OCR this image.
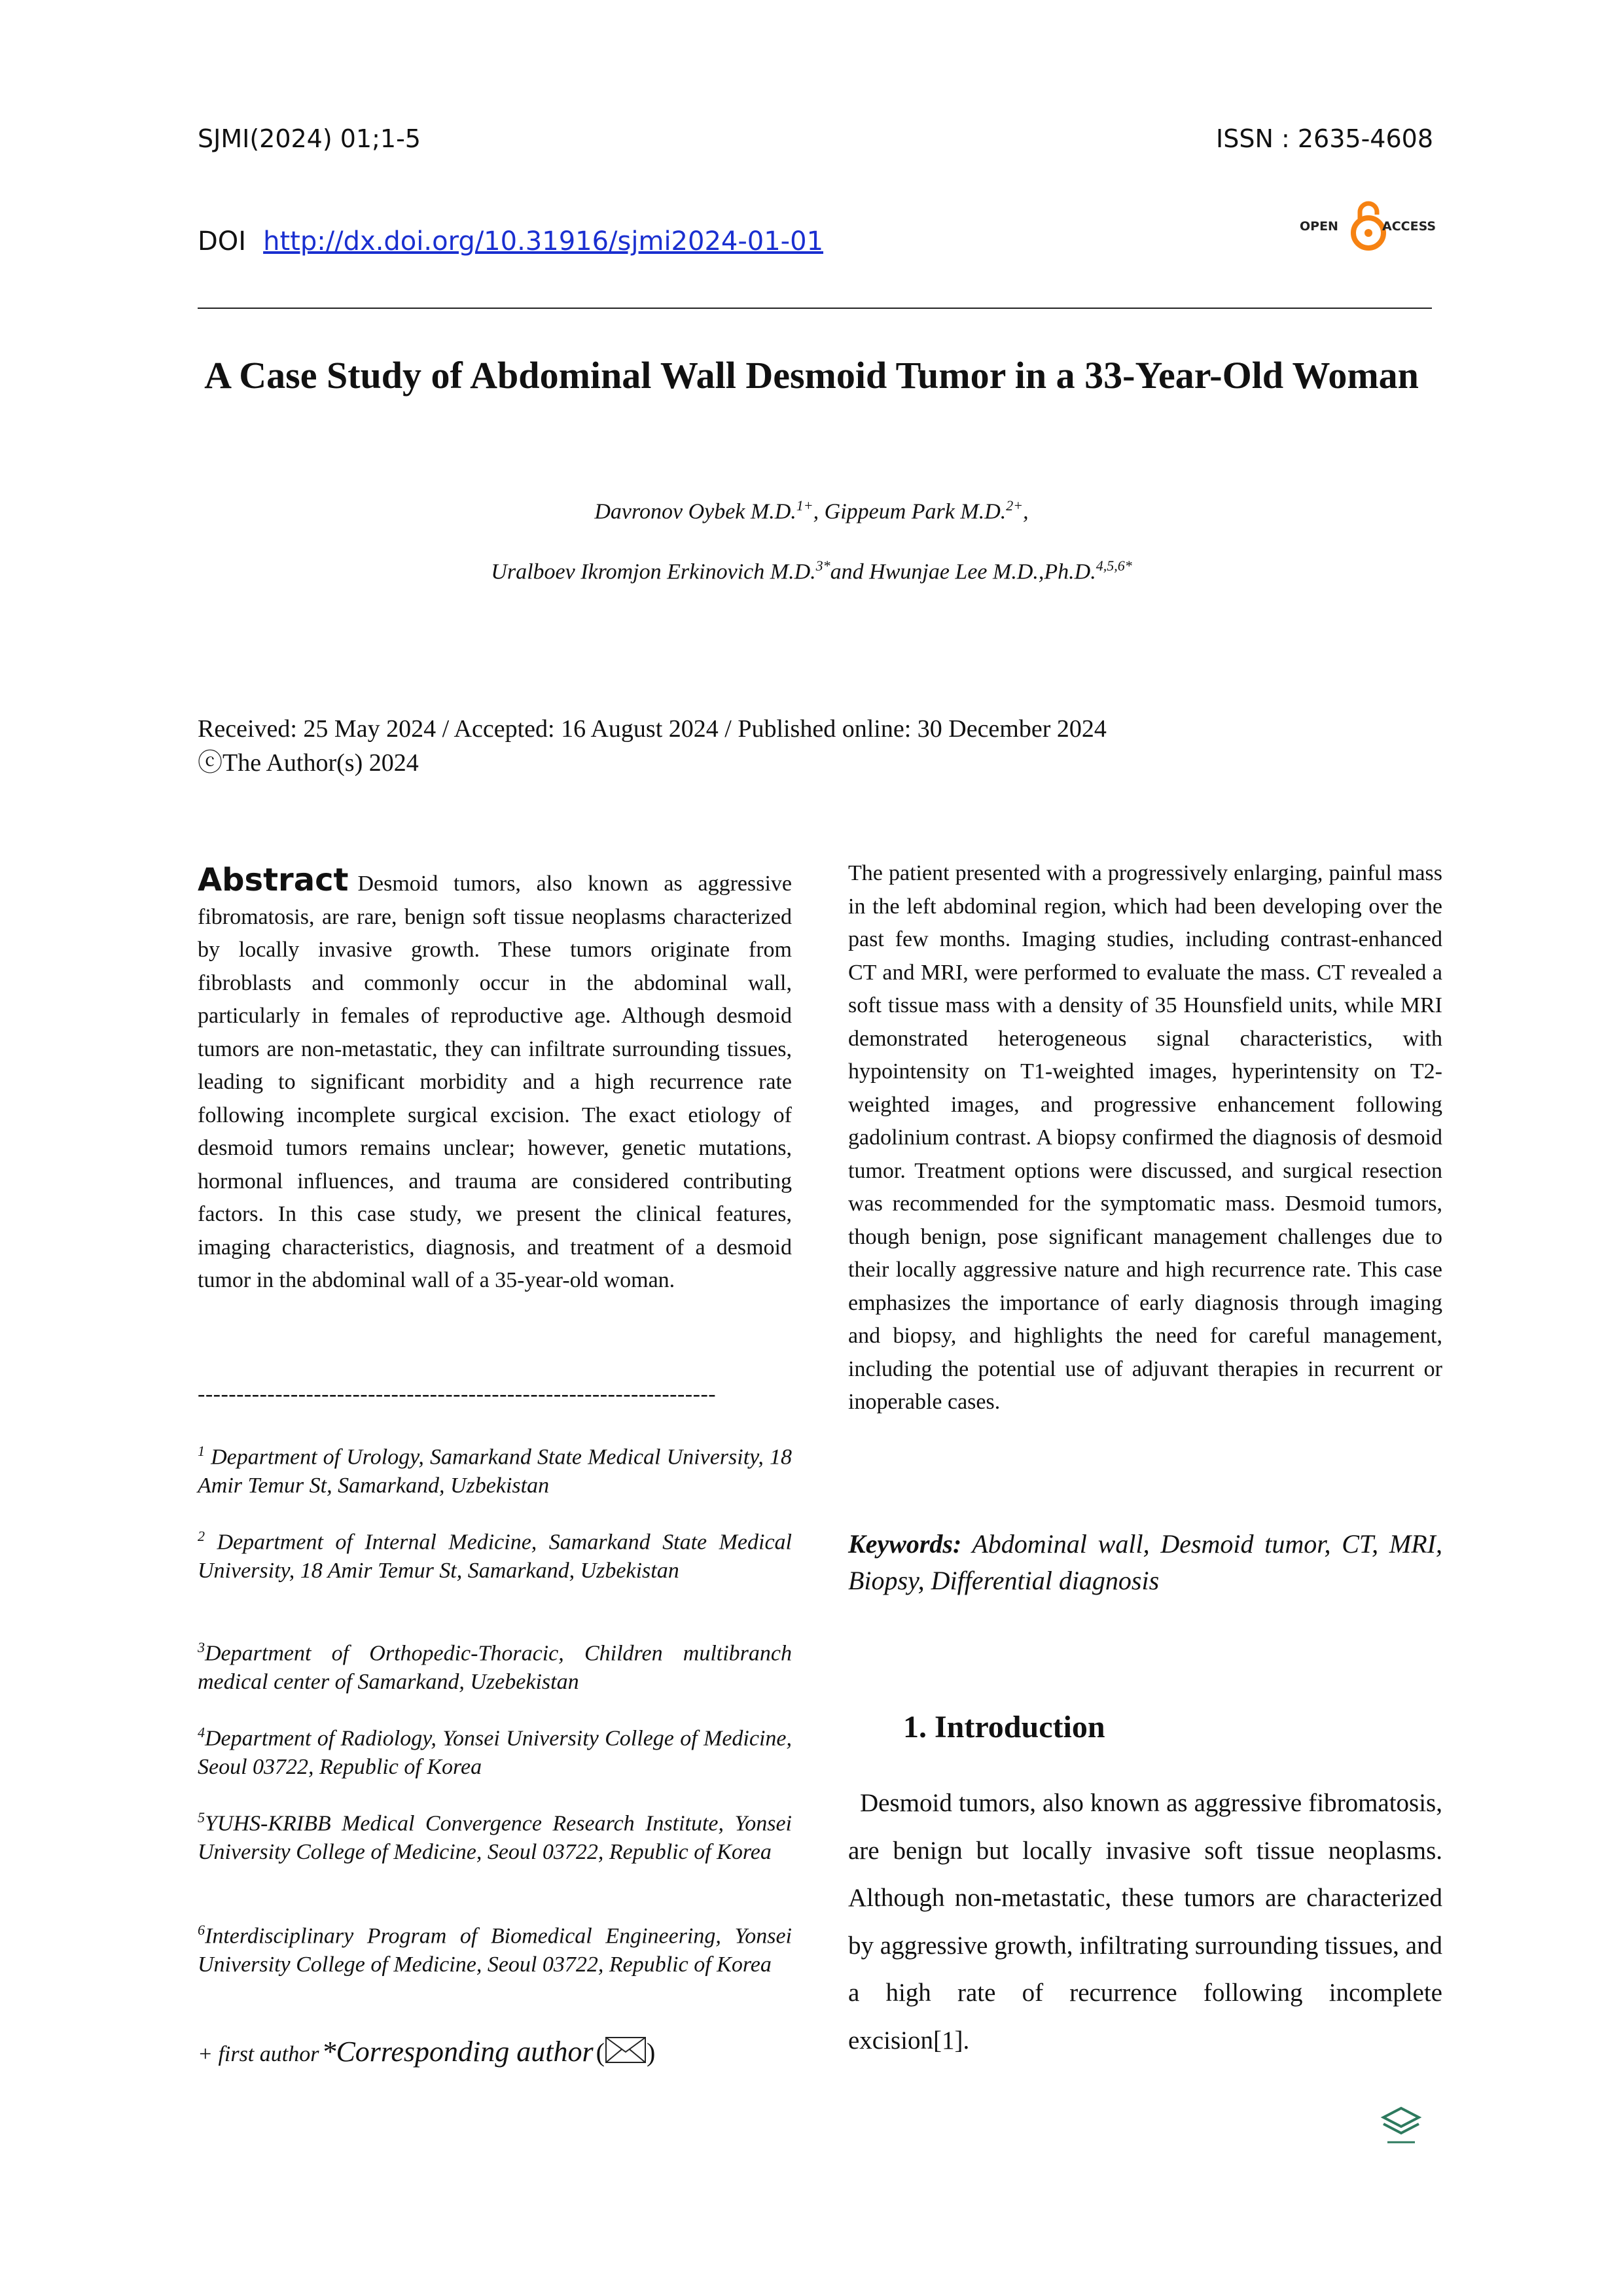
SJMI(2024) 01;1-5	ISSN : 2635-4608
DOI http://dx.doi.org/10.31916/sjmi2024-01-01	OPEN	ACCESS
A Case Study of Abdominal Wall Desmoid Tumor in a 33-Year-Old Woman
Davronov Oybek M.D.$^{1+}$, Gippeum Park M.D.$^{2+}$,
Uralboev Ikromjon Erkinovich M.D.$^{3*}$and Hwunjae Lee M.D.,Ph.D.$^{4,5,6*}$
Received: 25 May 2024 / Accepted: 16 August 2024 / Published online: 30 December 2024
ⓒThe Author(s) 2024
Abstract Desmoid tumors, also known as aggressive fibromatosis, are rare, benign soft tissue neoplasms characterized by locally invasive growth. These tumors originate from fibroblasts and commonly occur in the abdominal wall, particularly in females of reproductive age. Although desmoid tumors are non-metastatic, they can infiltrate surrounding tissues, leading to significant morbidity and a high recurrence rate following incomplete surgical excision. The exact etiology of desmoid tumors remains unclear; however, genetic mutations, hormonal influences, and trauma are considered contributing factors. In this case study, we present the clinical features, imaging characteristics, diagnosis, and treatment of a desmoid tumor in the abdominal wall of a 35-year-old woman.
-------------------------------------------------------------------
$^1$ Department of Urology, Samarkand State Medical University, 18 Amir Temur St, Samarkand, Uzbekistan
$^2$ Department of Internal Medicine, Samarkand State Medical University, 18 Amir Temur St, Samarkand, Uzbekistan
$^3$Department of Orthopedic-Thoracic, Children multibranch medical center of Samarkand, Uzebekistan
$^4$Department of Radiology, Yonsei University College of Medicine, Seoul 03722, Republic of Korea
$^5$YUHS-KRIBB Medical Convergence Research Institute, Yonsei University College of Medicine, Seoul 03722, Republic of Korea
$^6$Interdisciplinary Program of Biomedical Engineering, Yonsei University College of Medicine, Seoul 03722, Republic of Korea
+ first author *Corresponding author ( )
The patient presented with a progressively enlarging, painful mass in the left abdominal region, which had been developing over the past few months. Imaging studies, including contrast-enhanced CT and MRI, were performed to evaluate the mass. CT revealed a soft tissue mass with a density of 35 Hounsfield units, while MRI demonstrated heterogeneous signal characteristics, with hypointensity on T1-weighted images, hyperintensity on T2-weighted images, and progressive enhancement following gadolinium contrast. A biopsy confirmed the diagnosis of desmoid tumor. Treatment options were discussed, and surgical resection was recommended for the symptomatic mass. Desmoid tumors, though benign, pose significant management challenges due to their locally aggressive nature and high recurrence rate. This case emphasizes the importance of early diagnosis through imaging and biopsy, and highlights the need for careful management, including the potential use of adjuvant therapies in recurrent or inoperable cases.
Keywords: Abdominal wall, Desmoid tumor, CT, MRI, Biopsy, Differential diagnosis
1. Introduction
Desmoid tumors, also known as aggressive fibromatosis, are benign but locally invasive soft tissue neoplasms. Although non-metastatic, these tumors are characterized by aggressive growth, infiltrating surrounding tissues, and a high rate of recurrence following incomplete excision[1].
